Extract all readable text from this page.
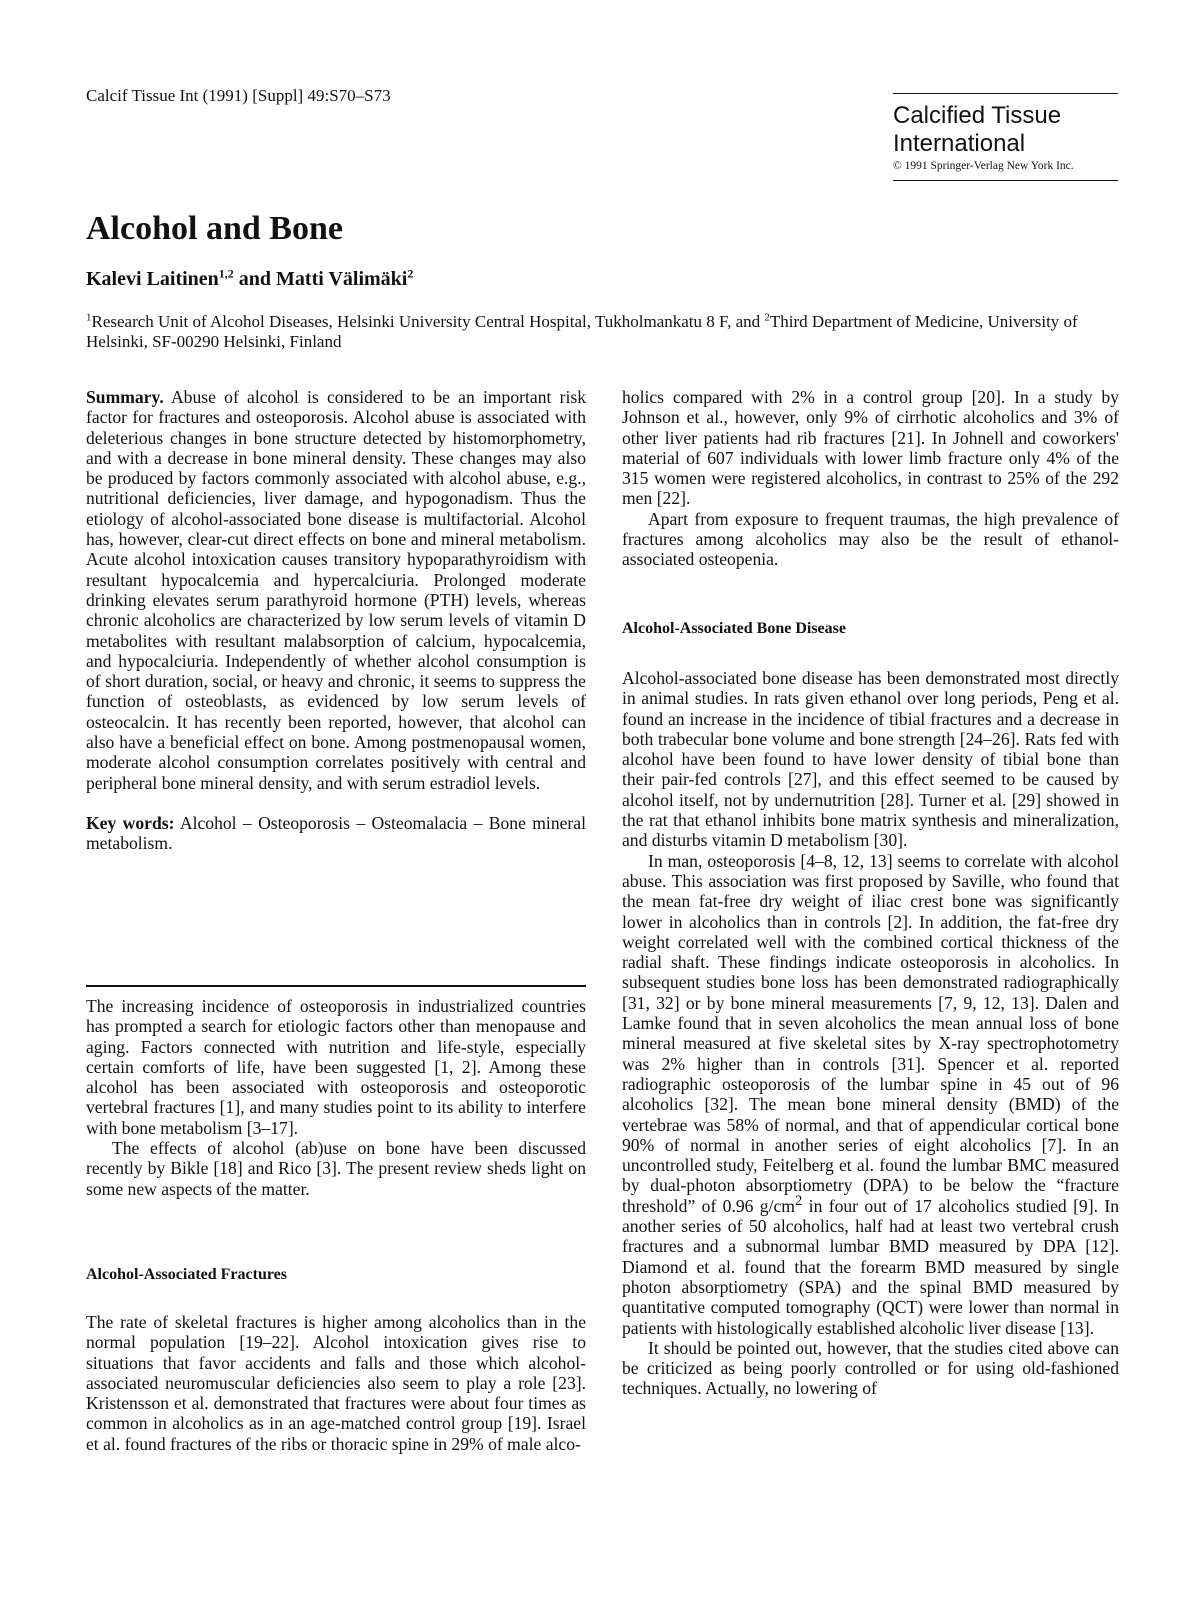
Calcif Tissue Int (1991) [Suppl] 49:S70–S73
Calcified Tissue
International
© 1991 Springer-Verlag New York Inc.
Alcohol and Bone
Kalevi Laitinen$^{1,2}$ and Matti Välimäki$^2$
$^1$Research Unit of Alcohol Diseases, Helsinki University Central Hospital, Tukholmankatu 8 F, and $^2$Third Department of Medicine, University of Helsinki, SF-00290 Helsinki, Finland

Summary. Abuse of alcohol is considered to be an important risk factor for fractures and osteoporosis. Alcohol abuse is associated with deleterious changes in bone structure detected by histomorphometry, and with a decrease in bone mineral density. These changes may also be produced by factors commonly associated with alcohol abuse, e.g., nutritional deficiencies, liver damage, and hypogonadism. Thus the etiology of alcohol-associated bone disease is multifactorial. Alcohol has, however, clear-cut direct effects on bone and mineral metabolism. Acute alcohol intoxication causes transitory hypoparathyroidism with resultant hypocalcemia and hypercalciuria. Prolonged moderate drinking elevates serum parathyroid hormone (PTH) levels, whereas chronic alcoholics are characterized by low serum levels of vitamin D metabolites with resultant malabsorption of calcium, hypocalcemia, and hypocalciuria. Independently of whether alcohol consumption is of short duration, social, or heavy and chronic, it seems to suppress the function of osteoblasts, as evidenced by low serum levels of osteocalcin. It has recently been reported, however, that alcohol can also have a beneficial effect on bone. Among postmenopausal women, moderate alcohol consumption correlates positively with central and peripheral bone mineral density, and with serum estradiol levels.

Key words: Alcohol – Osteoporosis – Osteomalacia – Bone mineral metabolism.

The increasing incidence of osteoporosis in industrialized countries has prompted a search for etiologic factors other than menopause and aging. Factors connected with nutrition and life-style, especially certain comforts of life, have been suggested [1, 2]. Among these alcohol has been associated with osteoporosis and osteoporotic vertebral fractures [1], and many studies point to its ability to interfere with bone metabolism [3–17].

The effects of alcohol (ab)use on bone have been discussed recently by Bikle [18] and Rico [3]. The present review sheds light on some new aspects of the matter.

Alcohol-Associated Fractures

The rate of skeletal fractures is higher among alcoholics than in the normal population [19–22]. Alcohol intoxication gives rise to situations that favor accidents and falls and those which alcohol-associated neuromuscular deficiencies also seem to play a role [23]. Kristensson et al. demonstrated that fractures were about four times as common in alcoholics as in an age-matched control group [19]. Israel et al. found fractures of the ribs or thoracic spine in 29% of male alco-

holics compared with 2% in a control group [20]. In a study by Johnson et al., however, only 9% of cirrhotic alcoholics and 3% of other liver patients had rib fractures [21]. In Johnell and coworkers' material of 607 individuals with lower limb fracture only 4% of the 315 women were registered alcoholics, in contrast to 25% of the 292 men [22].

Apart from exposure to frequent traumas, the high prevalence of fractures among alcoholics may also be the result of ethanol-associated osteopenia.

Alcohol-Associated Bone Disease

Alcohol-associated bone disease has been demonstrated most directly in animal studies. In rats given ethanol over long periods, Peng et al. found an increase in the incidence of tibial fractures and a decrease in both trabecular bone volume and bone strength [24–26]. Rats fed with alcohol have been found to have lower density of tibial bone than their pair-fed controls [27], and this effect seemed to be caused by alcohol itself, not by undernutrition [28]. Turner et al. [29] showed in the rat that ethanol inhibits bone matrix synthesis and mineralization, and disturbs vitamin D metabolism [30].

In man, osteoporosis [4–8, 12, 13] seems to correlate with alcohol abuse. This association was first proposed by Saville, who found that the mean fat-free dry weight of iliac crest bone was significantly lower in alcoholics than in controls [2]. In addition, the fat-free dry weight correlated well with the combined cortical thickness of the radial shaft. These findings indicate osteoporosis in alcoholics. In subsequent studies bone loss has been demonstrated radiographically [31, 32] or by bone mineral measurements [7, 9, 12, 13]. Dalen and Lamke found that in seven alcoholics the mean annual loss of bone mineral measured at five skeletal sites by X-ray spectrophotometry was 2% higher than in controls [31]. Spencer et al. reported radiographic osteoporosis of the lumbar spine in 45 out of 96 alcoholics [32]. The mean bone mineral density (BMD) of the vertebrae was 58% of normal, and that of appendicular cortical bone 90% of normal in another series of eight alcoholics [7]. In an uncontrolled study, Feitelberg et al. found the lumbar BMC measured by dual-photon absorptiometry (DPA) to be below the “fracture threshold” of 0.96 $g/cm^2$ in four out of 17 alcoholics studied [9]. In another series of 50 alcoholics, half had at least two vertebral crush fractures and a subnormal lumbar BMD measured by DPA [12]. Diamond et al. found that the forearm BMD measured by single photon absorptiometry (SPA) and the spinal BMD measured by quantitative computed tomography (QCT) were lower than normal in patients with histologically established alcoholic liver disease [13].

It should be pointed out, however, that the studies cited above can be criticized as being poorly controlled or for using old-fashioned techniques. Actually, no lowering of
